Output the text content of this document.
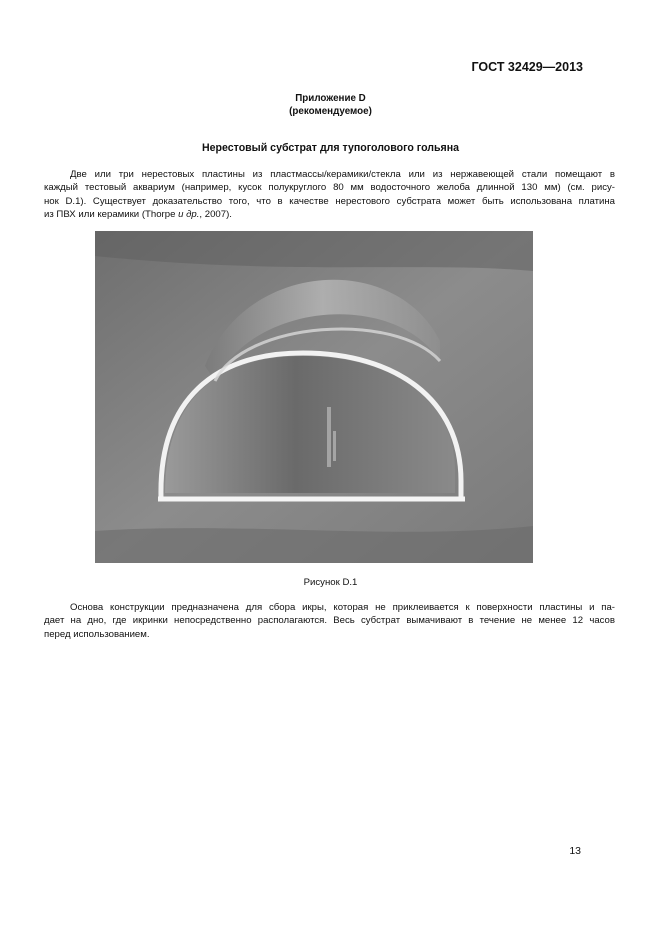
ГОСТ 32429—2013
Приложение D
(рекомендуемое)
Нерестовый субстрат для тупоголового гольяна

Две или три нерестовых пластины из пластмассы/керамики/стекла или из нержавеющей стали помещают в
каждый тестовый аквариум (например, кусок полукруглого 80 мм водосточного желоба длинной 130 мм) (см. рису-
нок D.1). Существует доказательство того, что в качестве нерестового субстрата может быть использована платина
из ПВХ или керамики (Thorpe и др., 2007).

Рисунок D.1

Основа конструкции предназначена для сбора икры, которая не приклеивается к поверхности пластины и па-
дает на дно, где икринки непосредственно располагаются. Весь субстрат вымачивают в течение не менее 12 часов
перед использованием.

13
